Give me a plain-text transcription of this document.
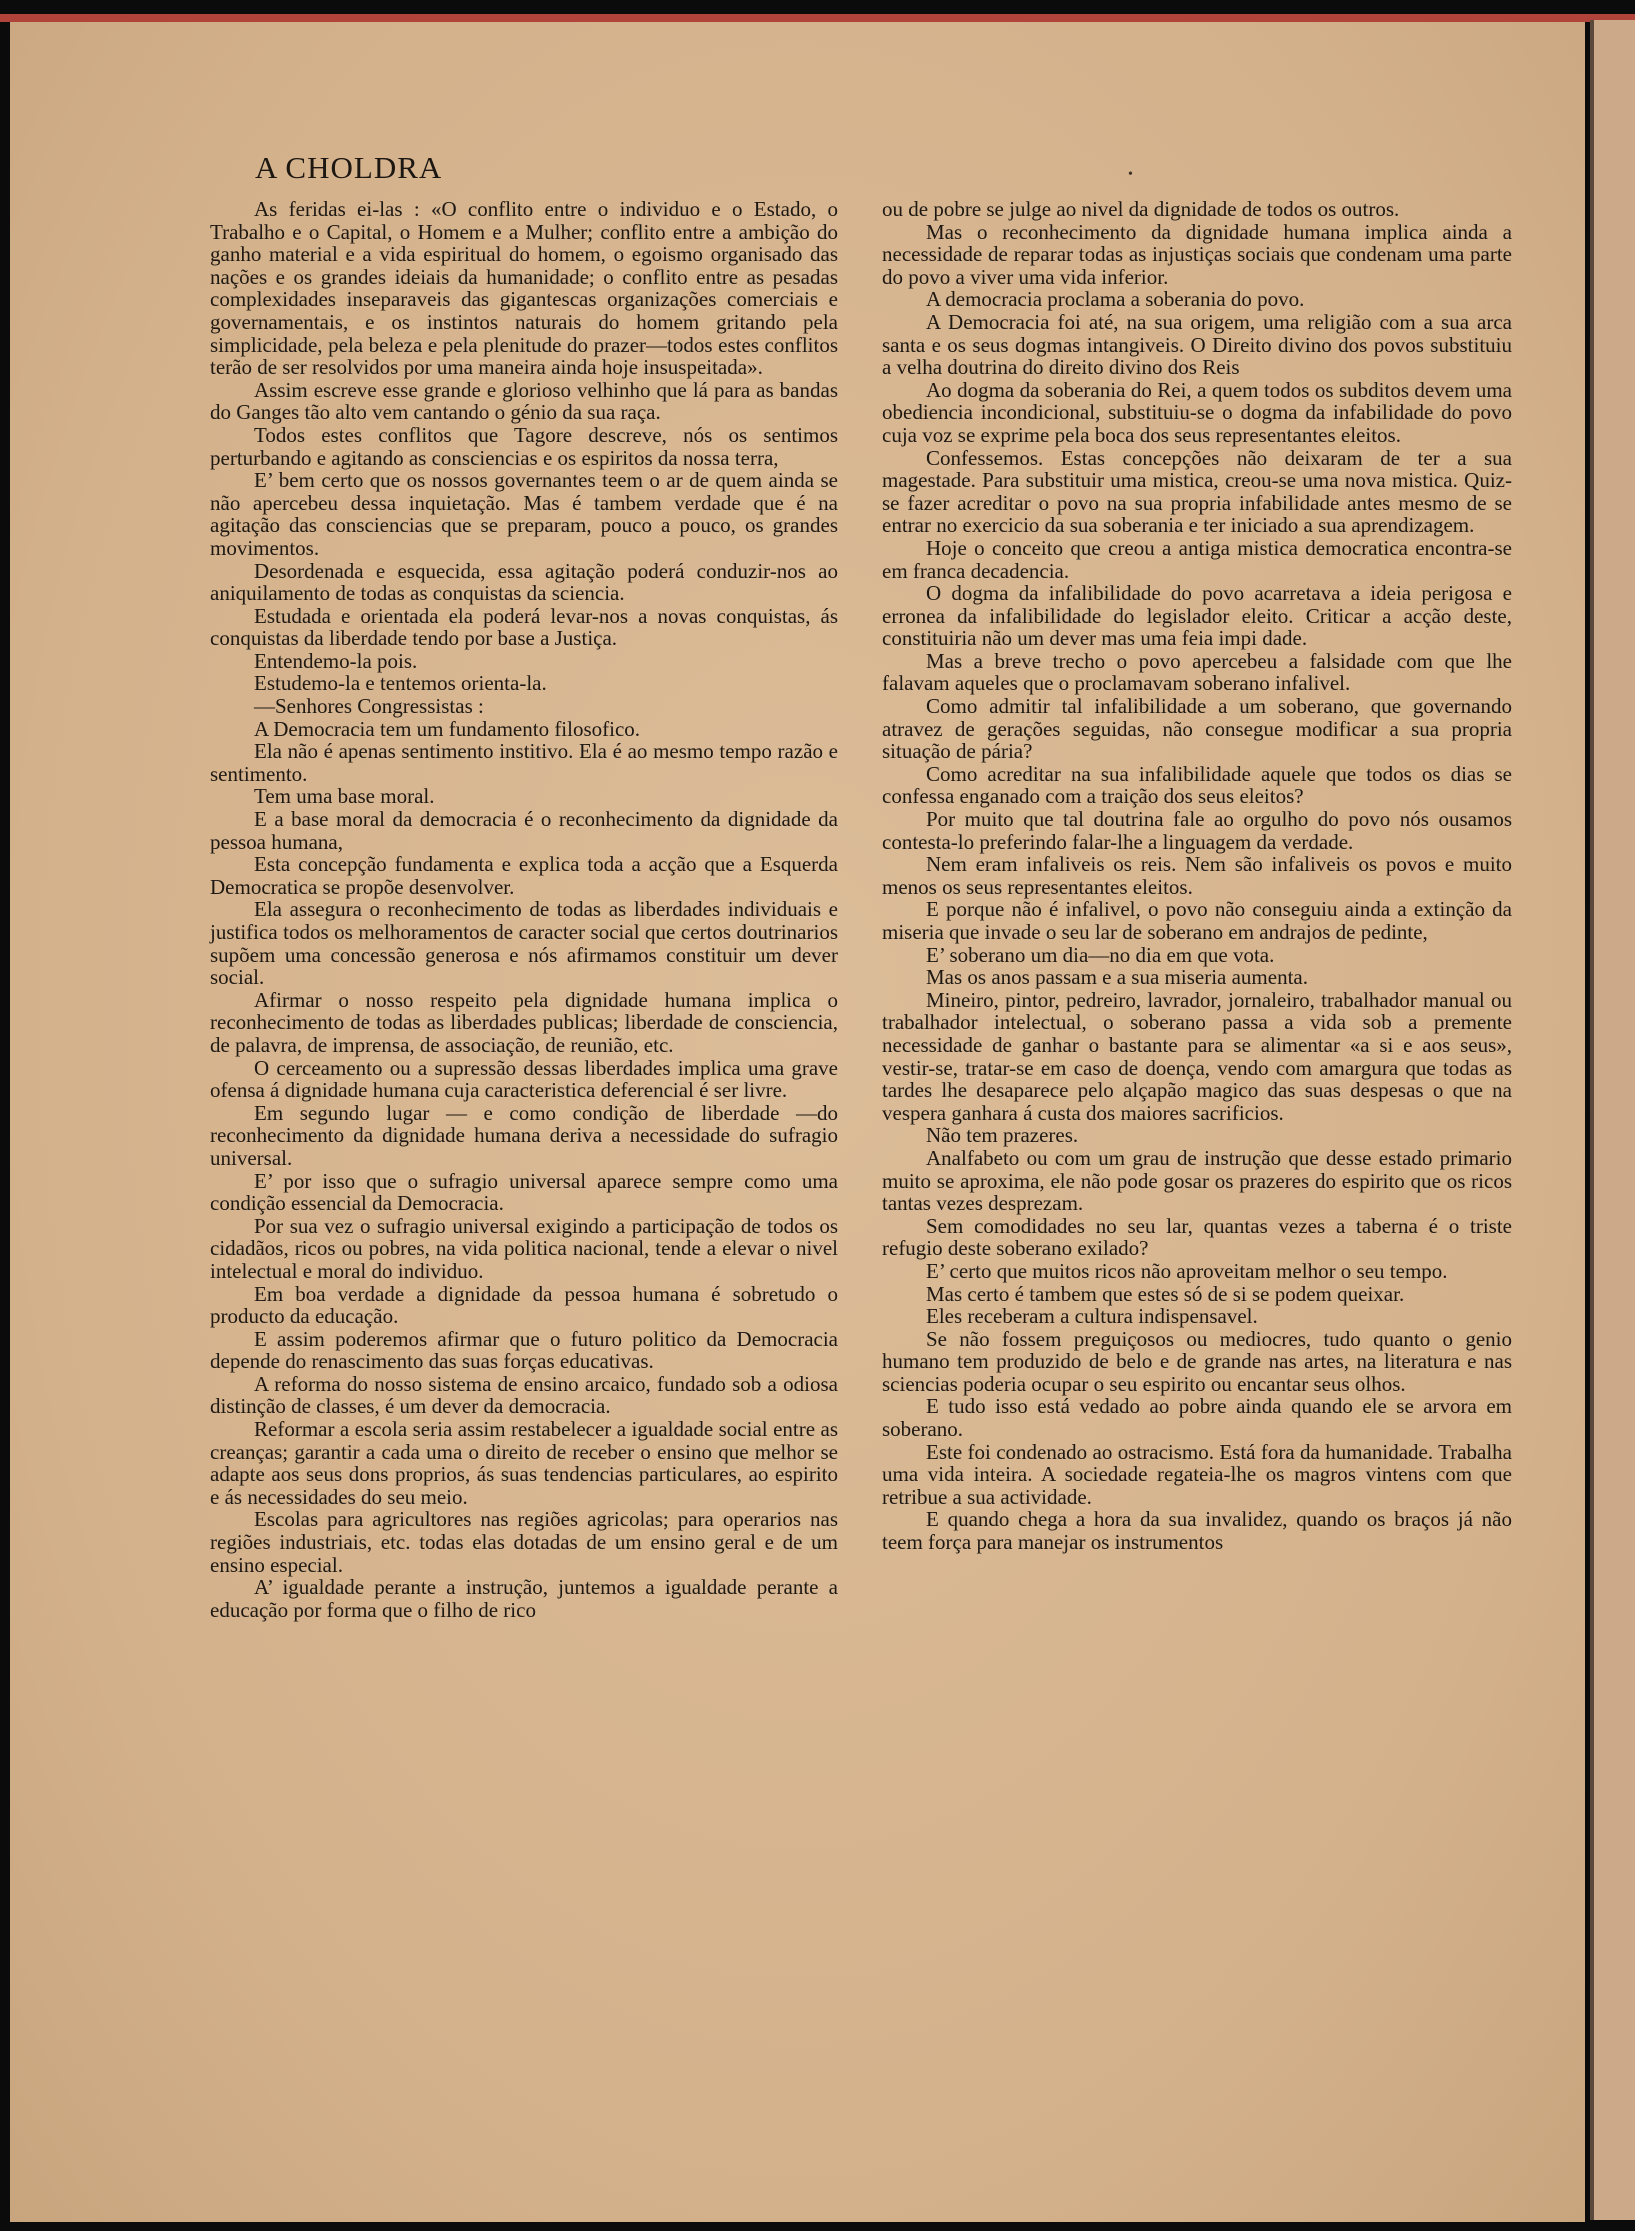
A CHOLDRA	•

As feridas ei-las : «O conflito entre o individuo e o Estado, o Trabalho e o Capital, o Homem e a Mulher; conflito entre a ambição do ganho material e a vida espiritual do homem, o egoismo organisado das nações e os grandes ideiais da humanidade; o conflito entre as pesadas complexidades inseparaveis das gigantescas organizações comerciais e governamentais, e os instintos naturais do homem gritando pela simplicidade, pela beleza e pela plenitude do prazer—todos estes conflitos terão de ser resolvidos por uma maneira ainda hoje insuspeitada».

Assim escreve esse grande e glorioso velhinho que lá para as bandas do Ganges tão alto vem cantando o génio da sua raça.

Todos estes conflitos que Tagore descreve, nós os sentimos perturbando e agitando as consciencias e os espiritos da nossa terra,

E’ bem certo que os nossos governantes teem o ar de quem ainda se não apercebeu dessa inquietação. Mas é tambem verdade que é na agitação das consciencias que se preparam, pouco a pouco, os grandes movimentos.

Desordenada e esquecida, essa agitação poderá conduzir-nos ao aniquilamento de todas as conquistas da sciencia.

Estudada e orientada ela poderá levar-nos a novas conquistas, ás conquistas da liberdade tendo por base a Justiça.

Entendemo-la pois.

Estudemo-la e tentemos orienta-la.

—Senhores Congressistas :

A Democracia tem um fundamento filosofico.

Ela não é apenas sentimento institivo. Ela é ao mesmo tempo razão e sentimento.

Tem uma base moral.

E a base moral da democracia é o reconhecimento da dignidade da pessoa humana,

Esta concepção fundamenta e explica toda a acção que a Esquerda Democratica se propõe desenvolver.

Ela assegura o reconhecimento de todas as liberdades individuais e justifica todos os melhoramentos de caracter social que certos doutrinarios supõem uma concessão generosa e nós afirmamos constituir um dever social.

Afirmar o nosso respeito pela dignidade humana implica o reconhecimento de todas as liberdades publicas; liberdade de consciencia, de palavra, de imprensa, de associação, de reunião, etc.

O cerceamento ou a supressão dessas liberdades implica uma grave ofensa á dignidade humana cuja caracteristica deferencial é ser livre.

Em segundo lugar — e como condição de liberdade —do reconhecimento da dignidade humana deriva a necessidade do sufragio universal.

E’ por isso que o sufragio universal aparece sempre como uma condição essencial da Democracia.

Por sua vez o sufragio universal exigindo a participação de todos os cidadãos, ricos ou pobres, na vida politica nacional, tende a elevar o nivel intelectual e moral do individuo.

Em boa verdade a dignidade da pessoa humana é sobretudo o producto da educação.

E assim poderemos afirmar que o futuro politico da Democracia depende do renascimento das suas forças educativas.

A reforma do nosso sistema de ensino arcaico, fundado sob a odiosa distinção de classes, é um dever da democracia.

Reformar a escola seria assim restabelecer a igualdade social entre as creanças; garantir a cada uma o direito de receber o ensino que melhor se adapte aos seus dons proprios, ás suas tendencias particulares, ao espirito e ás necessidades do seu meio.

Escolas para agricultores nas regiões agricolas; para operarios nas regiões industriais, etc. todas elas dotadas de um ensino geral e de um ensino especial.

A’ igualdade perante a instrução, juntemos a igualdade perante a educação por forma que o filho de rico

ou de pobre se julge ao nivel da dignidade de todos os outros.

Mas o reconhecimento da dignidade humana implica ainda a necessidade de reparar todas as injustiças sociais que condenam uma parte do povo a viver uma vida inferior.

A democracia proclama a soberania do povo.

A Democracia foi até, na sua origem, uma religião com a sua arca santa e os seus dogmas intangiveis. O Direito divino dos povos substituiu a velha doutrina do direito divino dos Reis

Ao dogma da soberania do Rei, a quem todos os subditos devem uma obediencia incondicional, substituiu-se o dogma da infabilidade do povo cuja voz se exprime pela boca dos seus representantes eleitos.

Confessemos. Estas concepções não deixaram de ter a sua magestade. Para substituir uma mistica, creou-se uma nova mistica. Quiz-se fazer acreditar o povo na sua propria infabilidade antes mesmo de se entrar no exercicio da sua soberania e ter iniciado a sua aprendizagem.

Hoje o conceito que creou a antiga mistica democratica encontra-se em franca decadencia.

O dogma da infalibilidade do povo acarretava a ideia perigosa e erronea da infalibilidade do legislador eleito. Criticar a acção deste, constituiria não um dever mas uma feia impi dade.

Mas a breve trecho o povo apercebeu a falsidade com que lhe falavam aqueles que o proclamavam soberano infalivel.

Como admitir tal infalibilidade a um soberano, que governando atravez de gerações seguidas, não consegue modificar a sua propria situação de pária?

Como acreditar na sua infalibilidade aquele que todos os dias se confessa enganado com a traição dos seus eleitos?

Por muito que tal doutrina fale ao orgulho do povo nós ousamos contesta-lo preferindo falar-lhe a linguagem da verdade.

Nem eram infaliveis os reis. Nem são infaliveis os povos e muito menos os seus representantes eleitos.

E porque não é infalivel, o povo não conseguiu ainda a extinção da miseria que invade o seu lar de soberano em andrajos de pedinte,

E’ soberano um dia—no dia em que vota.

Mas os anos passam e a sua miseria aumenta.

Mineiro, pintor, pedreiro, lavrador, jornaleiro, trabalhador manual ou trabalhador intelectual, o soberano passa a vida sob a premente necessidade de ganhar o bastante para se alimentar «a si e aos seus», vestir-se, tratar-se em caso de doença, vendo com amargura que todas as tardes lhe desaparece pelo alçapão magico das suas despesas o que na vespera ganhara á custa dos maiores sacrificios.

Não tem prazeres.

Analfabeto ou com um grau de instrução que desse estado primario muito se aproxima, ele não pode gosar os prazeres do espirito que os ricos tantas vezes desprezam.

Sem comodidades no seu lar, quantas vezes a taberna é o triste refugio deste soberano exilado?

E’ certo que muitos ricos não aproveitam melhor o seu tempo.

Mas certo é tambem que estes só de si se podem queixar.

Eles receberam a cultura indispensavel.

Se não fossem preguiçosos ou mediocres, tudo quanto o genio humano tem produzido de belo e de grande nas artes, na literatura e nas sciencias poderia ocupar o seu espirito ou encantar seus olhos.

E tudo isso está vedado ao pobre ainda quando ele se arvora em soberano.

Este foi condenado ao ostracismo. Está fora da humanidade. Trabalha uma vida inteira. A sociedade regateia-lhe os magros vintens com que retribue a sua actividade.

E quando chega a hora da sua invalidez, quando os braços já não teem força para manejar os instrumentos
